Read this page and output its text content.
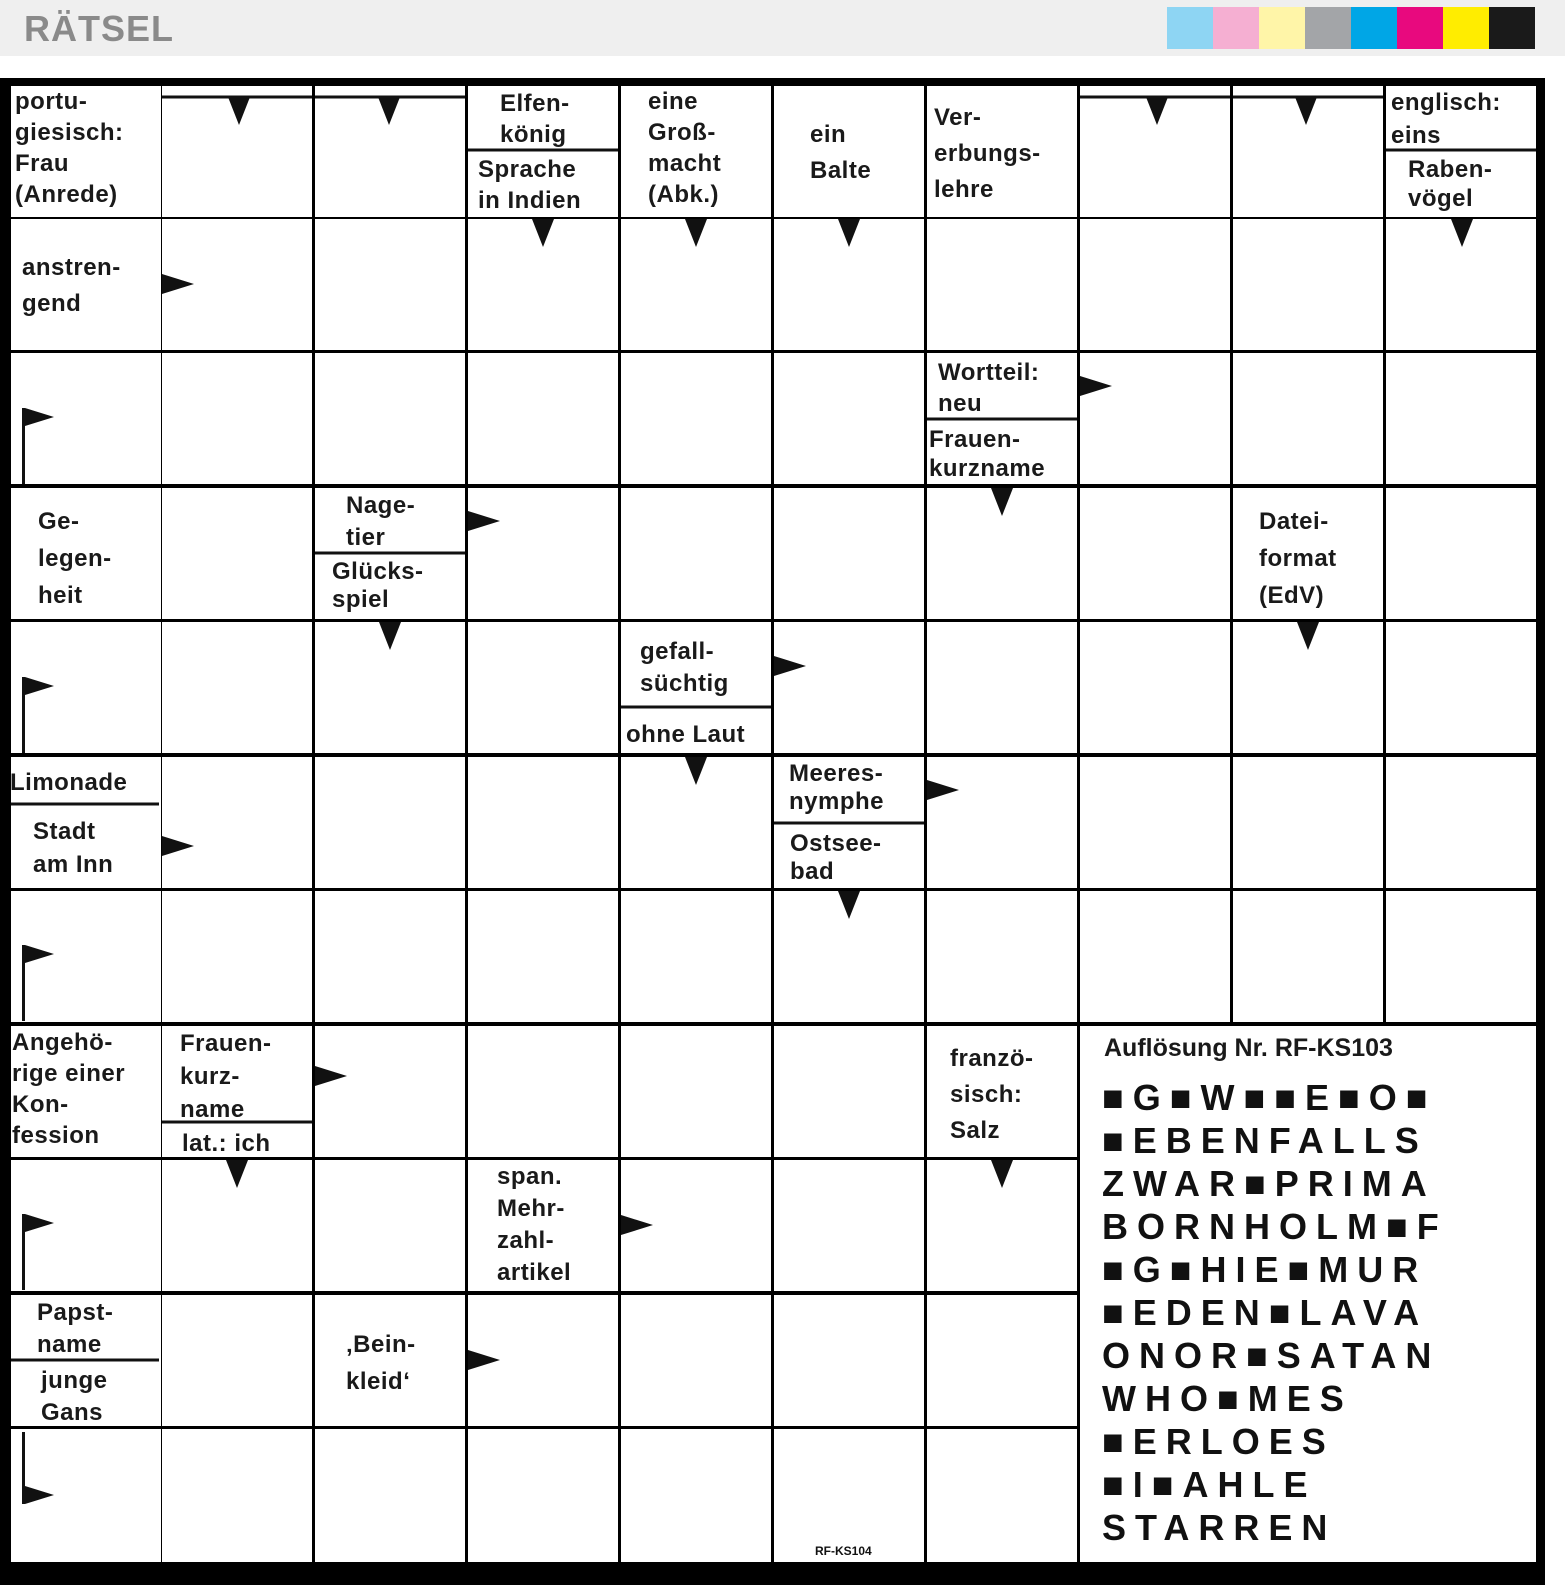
RÄTSEL
portu-
giesisch:
Frau
(Anrede)
Elfen-
könig
Sprache
in Indien
eine
Groß-
macht
(Abk.)
ein
Balte
Ver-
erbungs-
lehre
englisch:
eins
Raben-
vögel
anstren-
gend
Wortteil:
neu
Frauen-
kurzname
Ge-
legen-
heit
Nage-
tier
Glücks-
spiel
Datei-
format
(EdV)
gefall-
süchtig
ohne Laut
Limonade
Stadt
am Inn
Meeres-
nymphe
Ostsee-
bad
Angehö-
rige einer
Kon-
fession
Frauen-
kurz-
name
lat.: ich
franzö-
sisch:
Salz
span.
Mehr-
zahl-
artikel
Papst-
name
junge
Gans
‚Bein-
kleid‘
Auflösung Nr. RF-KS103
■G■W■■E■O■
■EBENFALLS
ZWAR■PRIMA
BORNHOLM■F
■G■HIE■MUR
■EDEN■LAVA
ONOR■SATAN
WHO■MES
■ERLOES
■I■AHLE
STARREN
RF-KS104
